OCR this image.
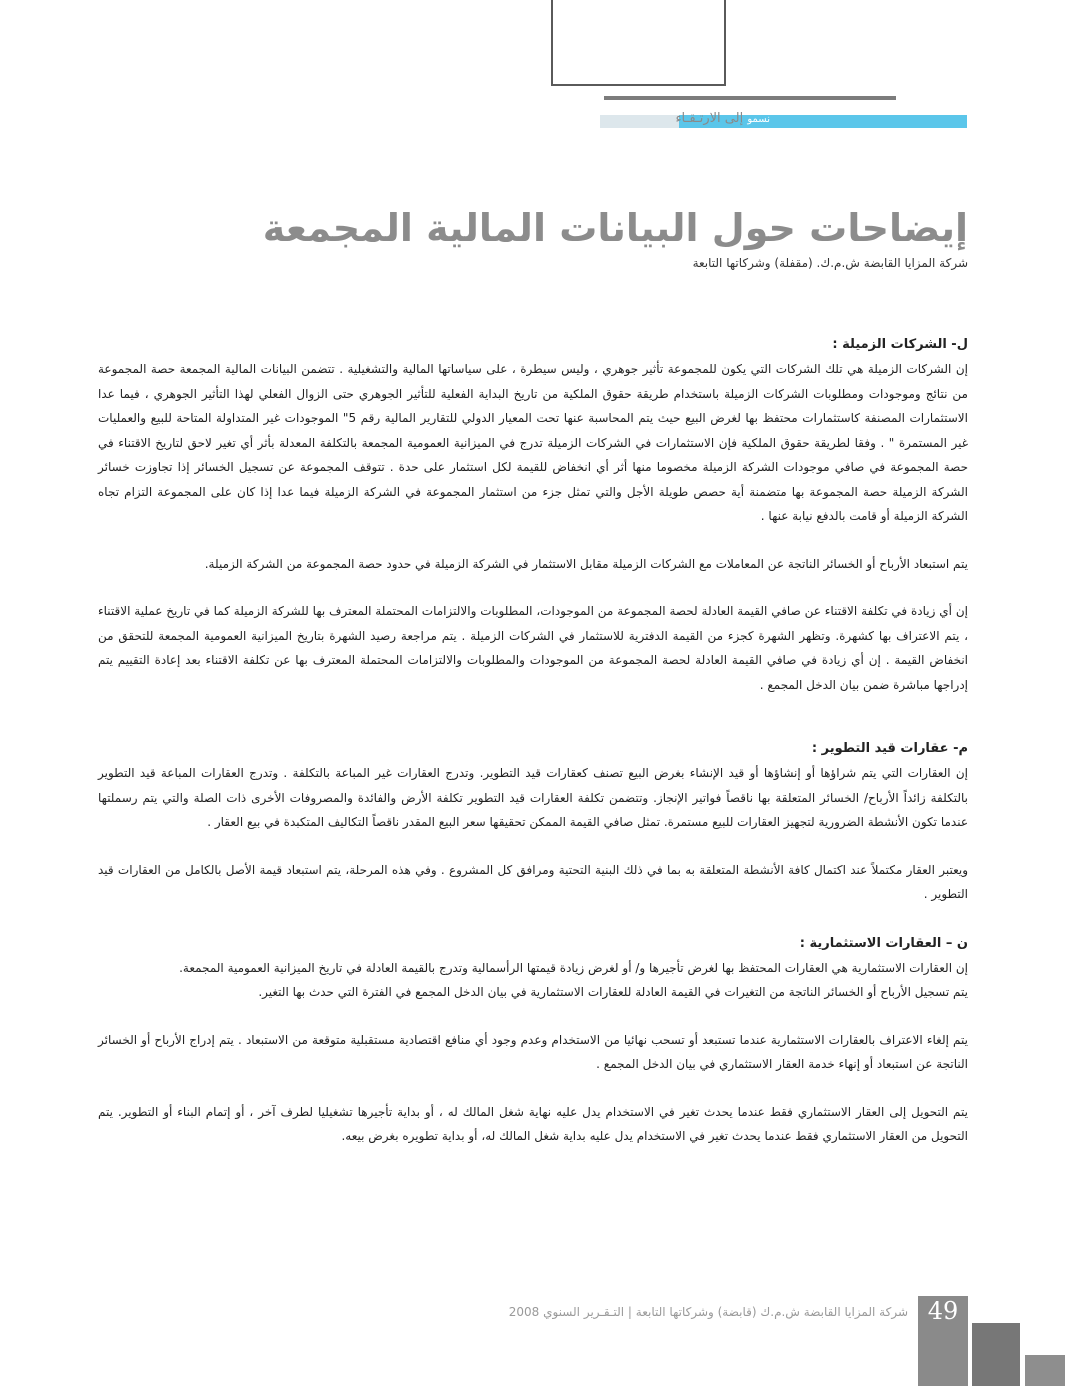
نسمو إلى الارتـقـاء
إيضاحات حول البيانات المالية المجمعة
شركة المزايا القابضة ش.م.ك. (مقفلة) وشركاتها التابعة
ل- الشركات الزميلة :

إن الشركات الزميلة هي تلك الشركات التي يكون للمجموعة تأثير جوهري ، وليس سيطرة ، على سياساتها المالية والتشغيلية . تتضمن البيانات المالية المجمعة حصة المجموعة من نتائج وموجودات ومطلوبات الشركات الزميلة باستخدام طريقة حقوق الملكية من تاريخ البداية الفعلية للتأثير الجوهري حتى الزوال الفعلي لهذا التأثير الجوهري ، فيما عدا الاستثمارات المصنفة كاستثمارات محتفظ بها لغرض البيع حيث يتم المحاسبة عنها تحت المعيار الدولي للتقارير المالية رقم 5" الموجودات غير المتداولة المتاحة للبيع والعمليات غير المستمرة " . وفقا لطريقة حقوق الملكية فإن الاستثمارات في الشركات الزميلة تدرج في الميزانية العمومية المجمعة بالتكلفة المعدلة بأثر أي تغير لاحق لتاريخ الاقتناء في حصة المجموعة في صافي موجودات الشركة الزميلة مخصوما منها أثر أي انخفاض للقيمة لكل استثمار على حدة . تتوقف المجموعة عن تسجيل الخسائر إذا تجاوزت خسائر الشركة الزميلة حصة المجموعة بها متضمنة أية حصص طويلة الأجل والتي تمثل جزء من استثمار المجموعة في الشركة الزميلة فيما عدا إذا كان على المجموعة التزام تجاه الشركة الزميلة أو قامت بالدفع نيابة عنها .

يتم استبعاد الأرباح أو الخسائر الناتجة عن المعاملات مع الشركات الزميلة مقابل الاستثمار في الشركة الزميلة في حدود حصة المجموعة من الشركة الزميلة.

إن أي زيادة في تكلفة الاقتناء عن صافي القيمة العادلة لحصة المجموعة من الموجودات، المطلوبات والالتزامات المحتملة المعترف بها للشركة الزميلة كما في تاريخ عملية الاقتناء ، يتم الاعتراف بها كشهرة. وتظهر الشهرة كجزء من القيمة الدفترية للاستثمار في الشركات الزميلة . يتم مراجعة رصيد الشهرة بتاريخ الميزانية العمومية المجمعة للتحقق من انخفاض القيمة . إن أي زيادة في صافي القيمة العادلة لحصة المجموعة من الموجودات والمطلوبات والالتزامات المحتملة المعترف بها عن تكلفة الاقتناء بعد إعادة التقييم يتم إدراجها مباشرة ضمن بيان الدخل المجمع .

م- عقارات قيد التطوير :

إن العقارات التي يتم شراؤها أو إنشاؤها أو قيد الإنشاء بغرض البيع تصنف كعقارات قيد التطوير. وتدرج العقارات غير المباعة بالتكلفة . وتدرج العقارات المباعة قيد التطوير بالتكلفة زائداً الأرباح/ الخسائر المتعلقة بها ناقصاً فواتير الإنجاز. وتتضمن تكلفة العقارات قيد التطوير تكلفة الأرض والفائدة والمصروفات الأخرى ذات الصلة والتي يتم رسملتها عندما تكون الأنشطة الضرورية لتجهيز العقارات للبيع مستمرة. تمثل صافي القيمة الممكن تحقيقها سعر البيع المقدر ناقصاً التكاليف المتكبدة في بيع العقار .

ويعتبر العقار مكتملاً عند اكتمال كافة الأنشطة المتعلقة به بما في ذلك البنية التحتية ومرافق كل المشروع . وفي هذه المرحلة، يتم استبعاد قيمة الأصل بالكامل من العقارات قيد التطوير .

ن – العقارات الاستثمارية :

إن العقارات الاستثمارية هي العقارات المحتفظ بها لغرض تأجيرها و/ أو لغرض زيادة قيمتها الرأسمالية وتدرج بالقيمة العادلة في تاريخ الميزانية العمومية المجمعة.

يتم تسجيل الأرباح أو الخسائر الناتجة من التغيرات في القيمة العادلة للعقارات الاستثمارية في بيان الدخل المجمع في الفترة التي حدث بها التغير.

يتم إلغاء الاعتراف بالعقارات الاستثمارية عندما تستبعد أو تسحب نهائيا من الاستخدام وعدم وجود أي منافع اقتصادية مستقبلية متوقعة من الاستبعاد . يتم إدراج الأرباح أو الخسائر الناتجة عن استبعاد أو إنهاء خدمة العقار الاستثماري في بيان الدخل المجمع .

يتم التحويل إلى العقار الاستثماري فقط عندما يحدث تغير في الاستخدام يدل عليه نهاية شغل المالك له ، أو بداية تأجيرها تشغيليا لطرف آخر ، أو إتمام البناء أو التطوير. يتم التحويل من العقار الاستثماري فقط عندما يحدث تغير في الاستخدام يدل عليه بداية شغل المالك له، أو بداية تطويره بغرض بيعه.

شركة المزايا القابضة ش.م.ك (قابضة) وشركاتها التابعة | التـقـرير السنوي 2008 49
